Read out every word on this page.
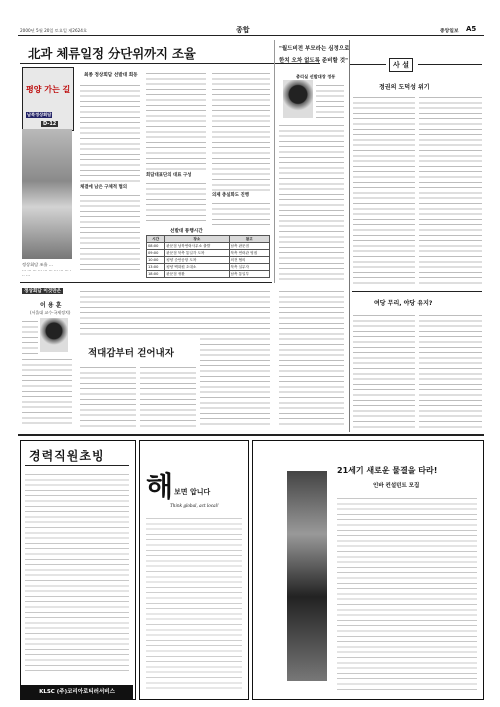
2000년 5월 20일 토요일 제2624호	종합	중앙일보 A5
北과 체류일정 分단위까지 조율
평양 가는 길
남북정상회담
D-12
정상회담 조율 ...
··· ··· ··· ··· ··· ··· ··· ··· ··· ··· ···
최종 정상회담 선발대 회동
체결에 남은 구체적 협의
회담대표단의 대표 구성
의제 충실화도 진행
선발대 통행시간
시간	장소	참고
08:00	판문점 남북연락사무소 출발	남측 판문점
09:00	판문점 북측 통일각 도착	북측 연락관 영접
10:00	평양 순안공항 도착	의전 협의
13:00	평양 백화원 초대소	북측 실무자
18:00	판문점 귀환	남측 통일부
"월드비전 부모라는 심정으로
한치 오차 없도록 준비할 것"
총리실 선발대장 정동
사 설
정권의 도덕성 위기
여당 무리, 야당 유지?
정상회담 이것만은
이 용 훈
(서울대 교수·국제정치)
적대감부터 걷어내자
경력직원초빙
KLSC (주)코리아로티러서비스
해 보면 압니다
Think global, act local!
21세기 새로운 물결을 타라!
인바 컨설턴트 모집
